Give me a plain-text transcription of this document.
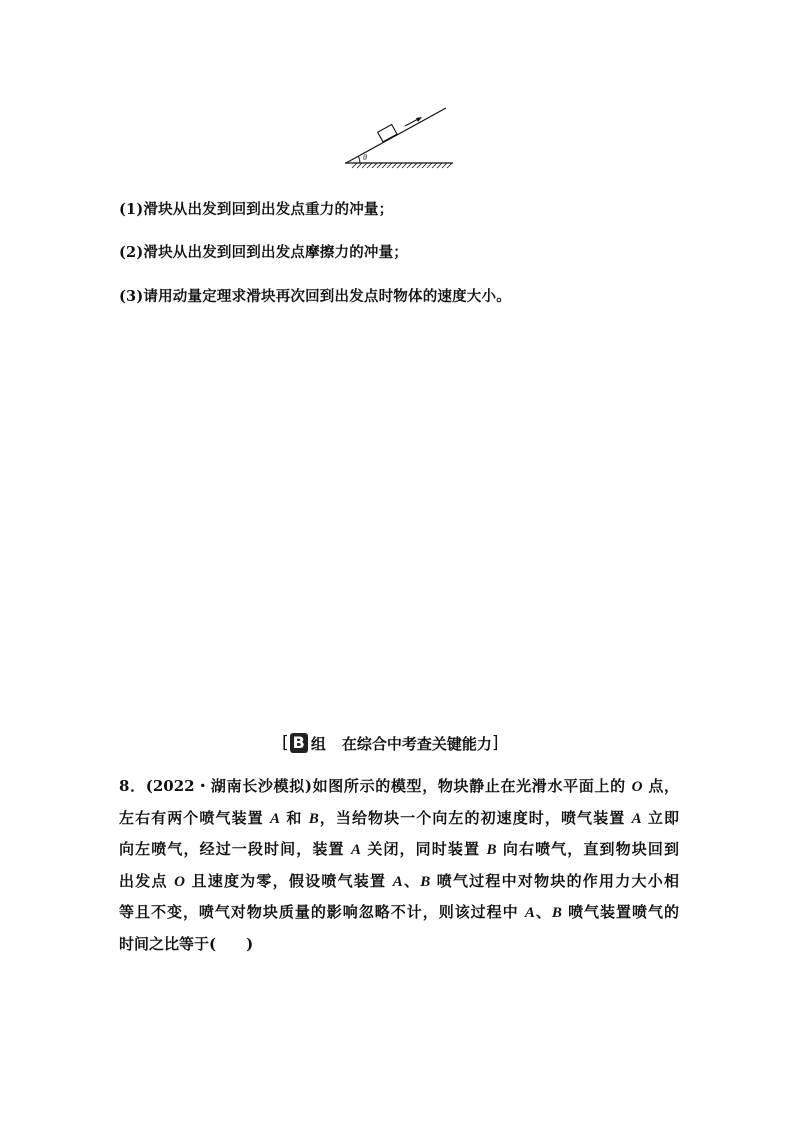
θ
(1)滑块从出发到回到出发点重力的冲量；
(2)滑块从出发到回到出发点摩擦力的冲量；
(3)请用动量定理求滑块再次回到出发点时物体的速度大小。
[ B 组 在综合中考查关键能力 ]
8．(2022・湖南长沙模拟)如图所示的模型，物块静止在光滑水平面上的 O 点，
左右有两个喷气装置 A 和 B，当给物块一个向左的初速度时，喷气装置 A 立即
向左喷气，经过一段时间，装置 A 关闭，同时装置 B 向右喷气，直到物块回到
出发点 O 且速度为零，假设喷气装置 A、B 喷气过程中对物块的作用力大小相
等且不变，喷气对物块质量的影响忽略不计，则该过程中 A、B 喷气装置喷气的
时间之比等于(　　)
